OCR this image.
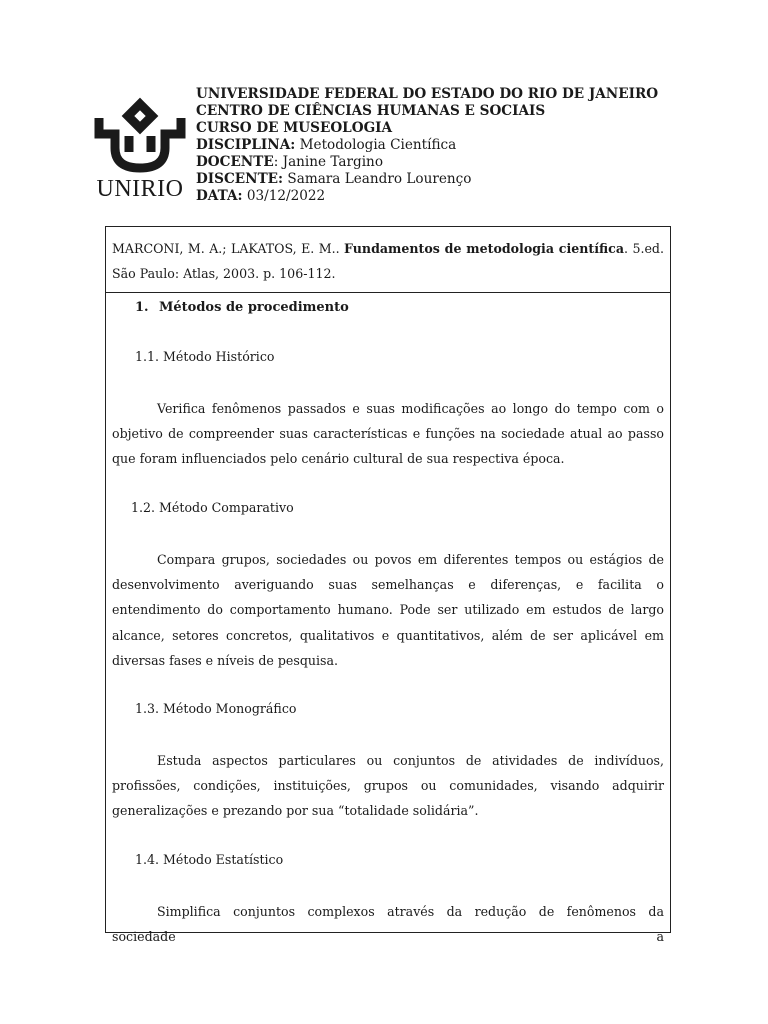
UNIRIO
UNIVERSIDADE FEDERAL DO ESTADO DO RIO DE JANEIRO
CENTRO DE CIÊNCIAS HUMANAS E SOCIAIS
CURSO DE MUSEOLOGIA
DISCIPLINA: Metodologia Científica
DOCENTE: Janine Targino
DISCENTE: Samara Leandro Lourenço
DATA: 03/12/2022
MARCONI, M. A.; LAKATOS, E. M.. Fundamentos de metodologia científica. 5.ed. São Paulo: Atlas, 2003. p. 106-112.
1. Métodos de procedimento
1.1. Método Histórico

Verifica fenômenos passados e suas modificações ao longo do tempo com o objetivo de compreender suas características e funções na sociedade atual ao passo que foram influenciados pelo cenário cultural de sua respectiva época.

1.2. Método Comparativo

Compara grupos, sociedades ou povos em diferentes tempos ou estágios de desenvolvimento averiguando suas semelhanças e diferenças, e facilita o entendimento do comportamento humano. Pode ser utilizado em estudos de largo alcance, setores concretos, qualitativos e quantitativos, além de ser aplicável em diversas fases e níveis de pesquisa.

1.3. Método Monográfico

Estuda aspectos particulares ou conjuntos de atividades de indivíduos, profissões, condições, instituições, grupos ou comunidades, visando adquirir generalizações e prezando por sua “totalidade solidária”.

1.4. Método Estatístico

Simplifica conjuntos complexos através da redução de fenômenos da sociedade a
